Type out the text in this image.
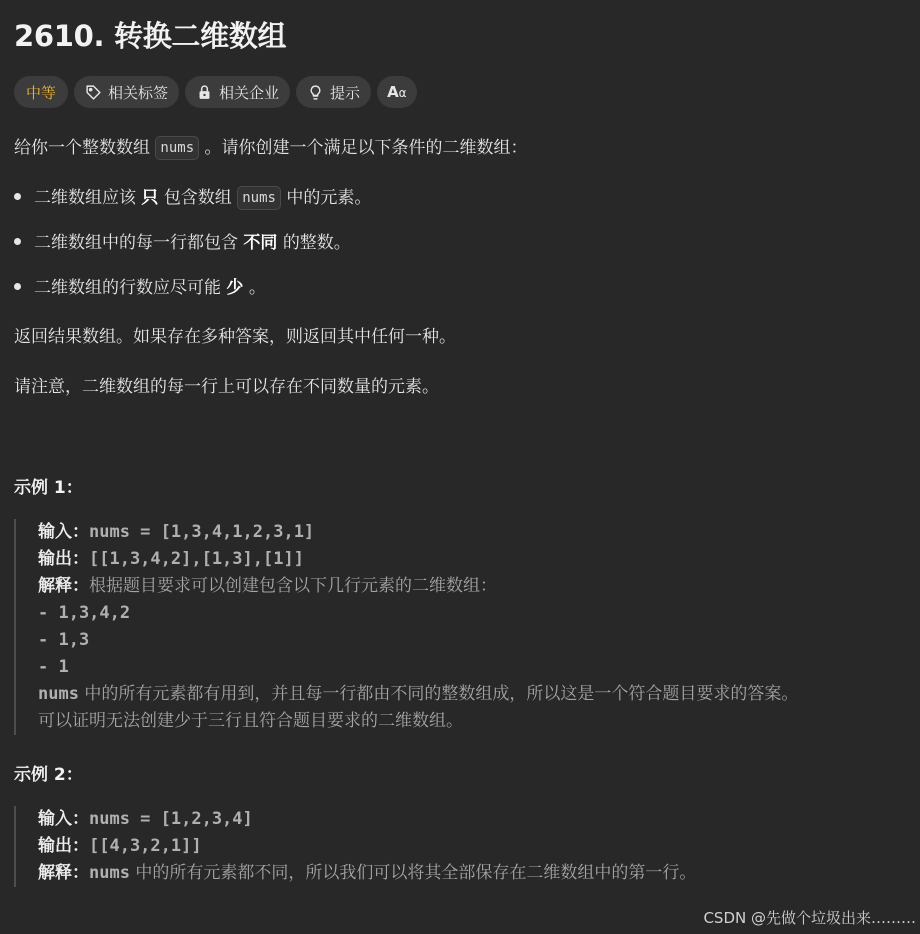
2610. 转换二维数组
中等	相关标签	相关企业	提示 Aα
给你一个整数数组 nums 。请你创建一个满足以下条件的二维数组：
二维数组应该 只 包含数组 nums 中的元素。
二维数组中的每一行都包含 不同 的整数。
二维数组的行数应尽可能 少 。
返回结果数组。如果存在多种答案，则返回其中任何一种。
请注意，二维数组的每一行上可以存在不同数量的元素。
示例 1：
输入：nums = [1,3,4,1,2,3,1]
输出：[[1,3,4,2],[1,3],[1]]
解释：根据题目要求可以创建包含以下几行元素的二维数组：
- 1,3,4,2
- 1,3
- 1
nums 中的所有元素都有用到，并且每一行都由不同的整数组成，所以这是一个符合题目要求的答案。
可以证明无法创建少于三行且符合题目要求的二维数组。
示例 2：
输入：nums = [1,2,3,4]
输出：[[4,3,2,1]]
解释：nums 中的所有元素都不同，所以我们可以将其全部保存在二维数组中的第一行。
CSDN @先做个垃圾出来………
